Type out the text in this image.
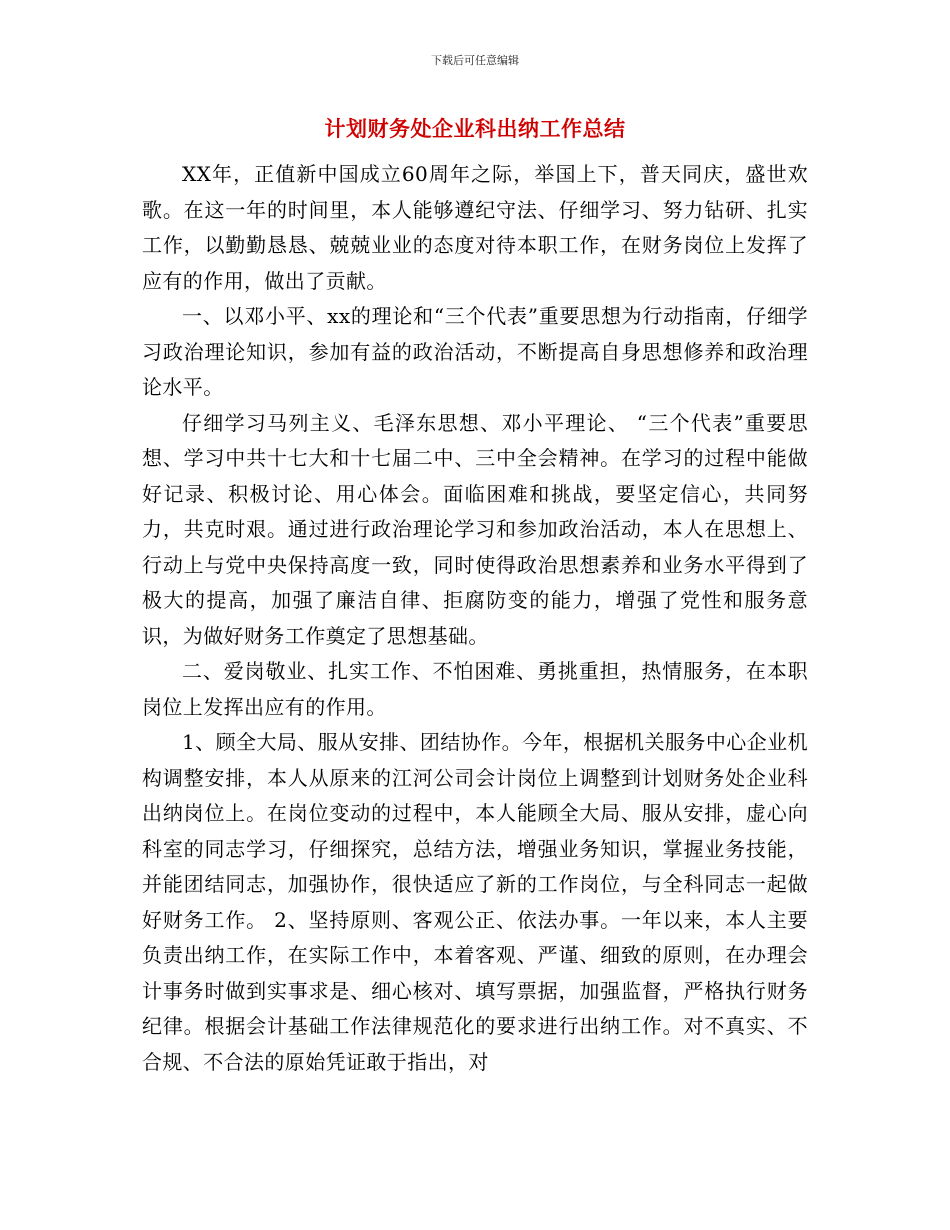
下载后可任意编辑
计划财务处企业科出纳工作总结

XX年，正值新中国成立60周年之际，举国上下，普天同庆，盛世欢歌。在这一年的时间里，本人能够遵纪守法、仔细学习、努力钻研、扎实工作，以勤勤恳恳、兢兢业业的态度对待本职工作，在财务岗位上发挥了应有的作用，做出了贡献。

一、以邓小平、xx的理论和“三个代表”重要思想为行动指南，仔细学习政治理论知识，参加有益的政治活动，不断提高自身思想修养和政治理论水平。

仔细学习马列主义、毛泽东思想、邓小平理论、 “三个代表”重要思想、学习中共十七大和十七届二中、三中全会精神。在学习的过程中能做好记录、积极讨论、用心体会。面临困难和挑战，要坚定信心，共同努力，共克时艰。通过进行政治理论学习和参加政治活动，本人在思想上、行动上与党中央保持高度一致，同时使得政治思想素养和业务水平得到了极大的提高，加强了廉洁自律、拒腐防变的能力，增强了党性和服务意识，为做好财务工作奠定了思想基础。

二、爱岗敬业、扎实工作、不怕困难、勇挑重担，热情服务，在本职岗位上发挥出应有的作用。

1、顾全大局、服从安排、团结协作。今年，根据机关服务中心企业机构调整安排，本人从原来的江河公司会计岗位上调整到计划财务处企业科出纳岗位上。在岗位变动的过程中，本人能顾全大局、服从安排，虚心向科室的同志学习，仔细探究，总结方法，增强业务知识，掌握业务技能，并能团结同志，加强协作，很快适应了新的工作岗位，与全科同志一起做好财务工作。 2、坚持原则、客观公正、依法办事。一年以来，本人主要负责出纳工作，在实际工作中，本着客观、严谨、细致的原则，在办理会计事务时做到实事求是、细心核对、填写票据，加强监督，严格执行财务纪律。根据会计基础工作法律规范化的要求进行出纳工作。对不真实、不合规、不合法的原始凭证敢于指出，对
